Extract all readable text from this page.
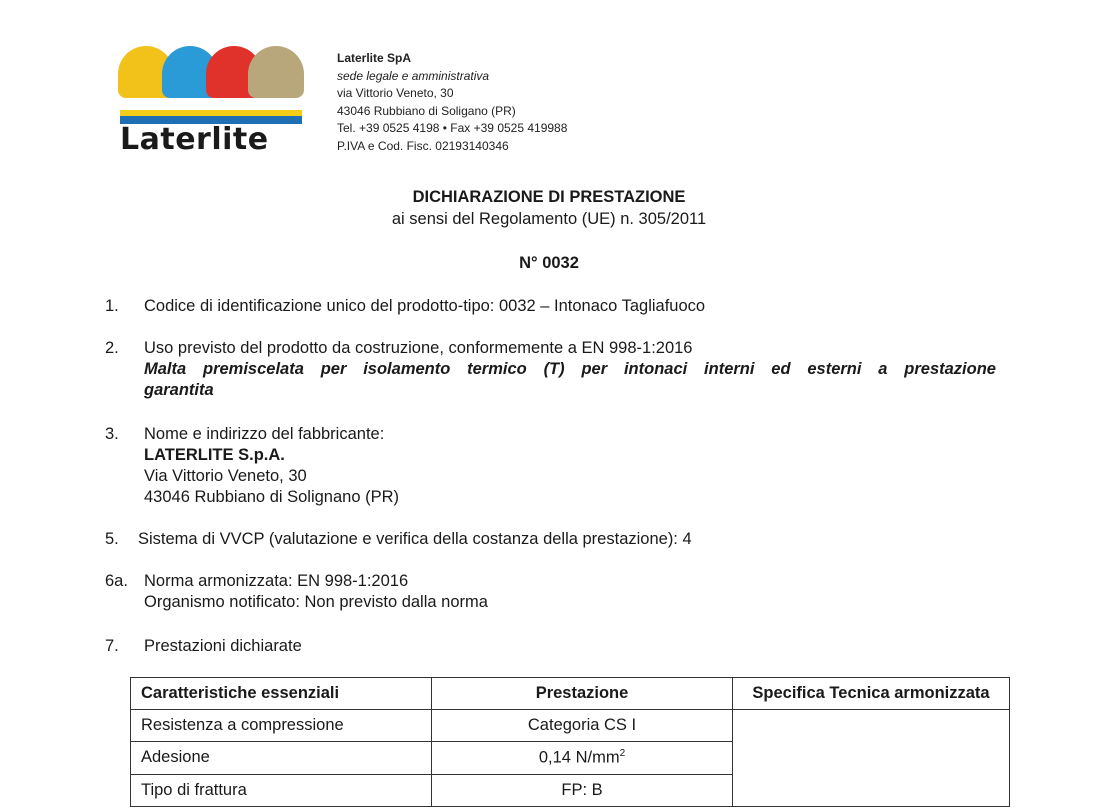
Laterlite
Laterlite SpA
sede legale e amministrativa
via Vittorio Veneto, 30
43046 Rubbiano di Soligano (PR)
Tel. +39 0525 4198 • Fax +39 0525 419988
P.IVA e Cod. Fisc. 02193140346
DICHIARAZIONE DI PRESTAZIONE
ai sensi del Regolamento (UE) n. 305/2011
N° 0032
1. Codice di identificazione unico del prodotto-tipo: 0032 – Intonaco Tagliafuoco
2. Uso previsto del prodotto da costruzione, conformemente a EN 998-1:2016
Malta premiscelata per isolamento termico (T) per intonaci interni ed esterni a prestazione
garantita
3. Nome e indirizzo del fabbricante:
LATERLITE S.p.A.
Via Vittorio Veneto, 30
43046 Rubbiano di Solignano (PR)
5. Sistema di VVCP (valutazione e verifica della costanza della prestazione): 4
6a. Norma armonizzata: EN 998-1:2016
Organismo notificato: Non previsto dalla norma
7. Prestazioni dichiarate
Caratteristiche essenziali	Prestazione	Specifica Tecnica armonizzata
Resistenza a compressione	Categoria CS I	
Adesione	0,14 $N/mm^2$
Tipo di frattura	FP: B	
